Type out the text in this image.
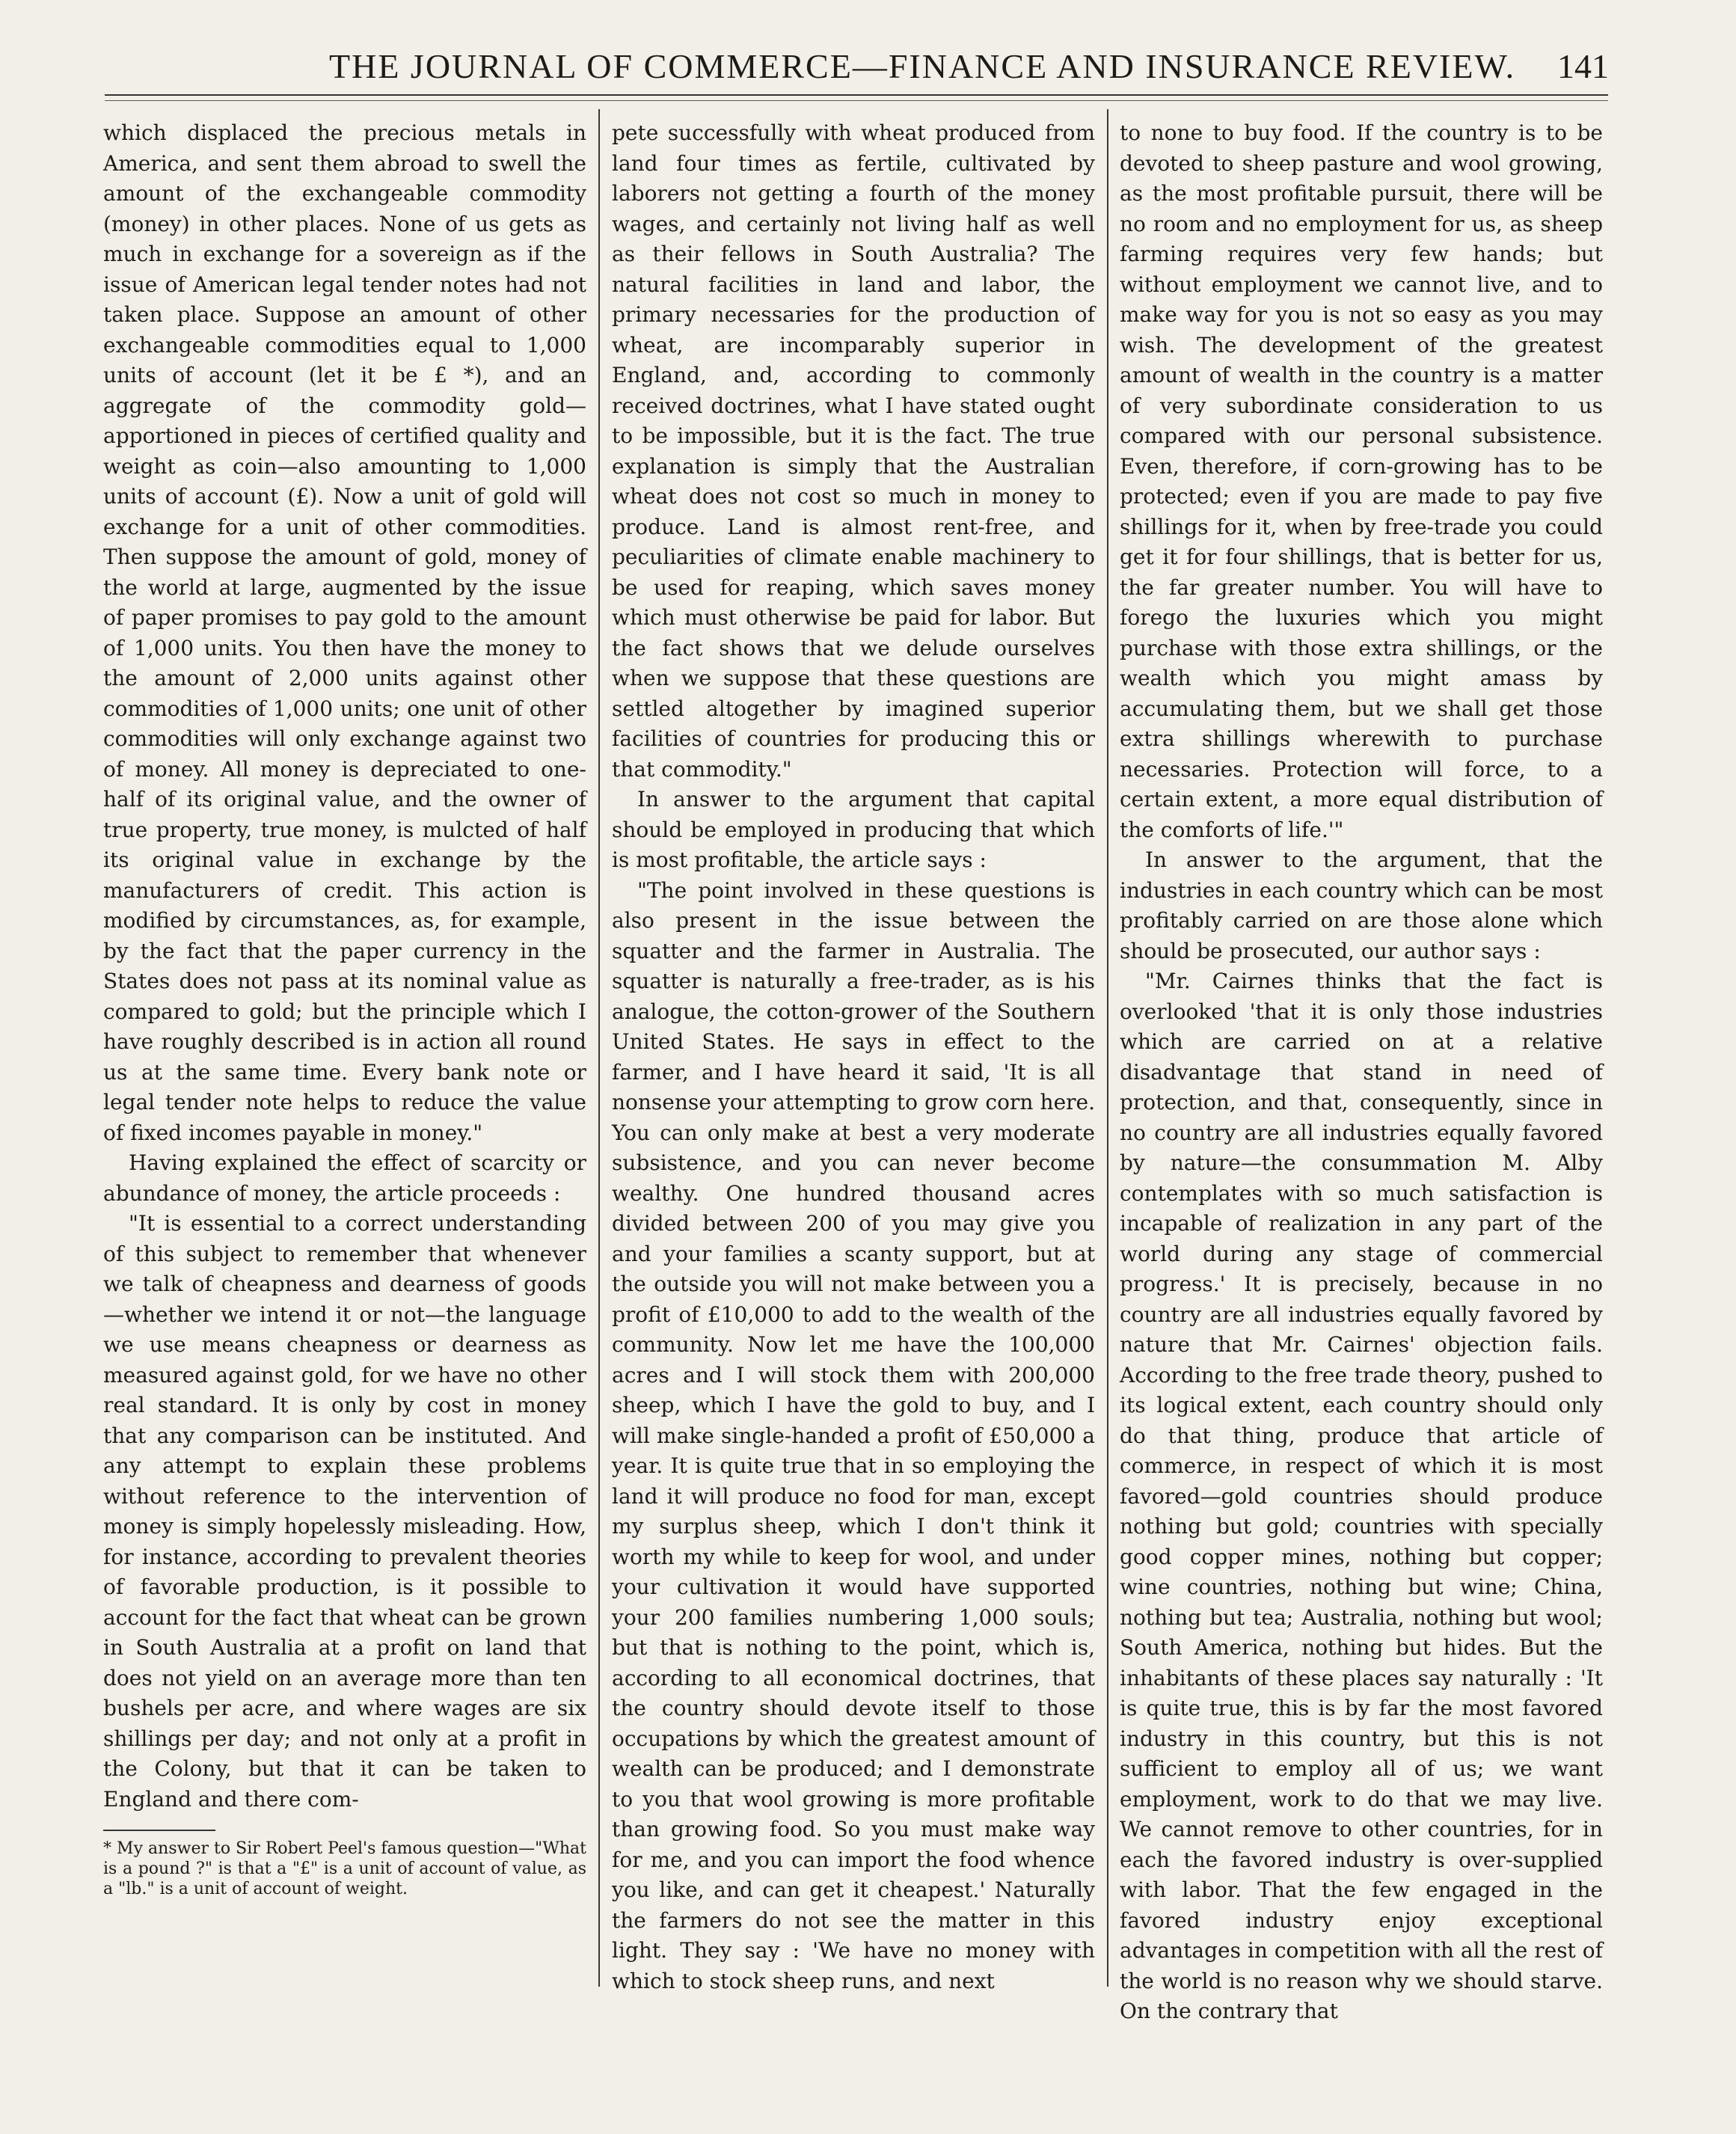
THE JOURNAL OF COMMERCE—FINANCE AND INSURANCE REVIEW. 141

which displaced the precious metals in America, and sent them abroad to swell the amount of the exchangeable commodity (money) in other places. None of us gets as much in exchange for a sovereign as if the issue of American legal tender notes had not taken place. Suppose an amount of other exchangeable commodities equal to 1,000 units of account (let it be £ *), and an aggregate of the commodity gold—apportioned in pieces of certified quality and weight as coin—also amounting to 1,000 units of account (£). Now a unit of gold will exchange for a unit of other commodities. Then suppose the amount of gold, money of the world at large, augmented by the issue of paper promises to pay gold to the amount of 1,000 units. You then have the money to the amount of 2,000 units against other commodities of 1,000 units; one unit of other commodities will only exchange against two of money. All money is depreciated to one-half of its original value, and the owner of true property, true money, is mulcted of half its original value in exchange by the manufacturers of credit. This action is modified by circumstances, as, for example, by the fact that the paper currency in the States does not pass at its nominal value as compared to gold; but the principle which I have roughly described is in action all round us at the same time. Every bank note or legal tender note helps to reduce the value of fixed incomes payable in money."

Having explained the effect of scarcity or abundance of money, the article proceeds :

"It is essential to a correct understanding of this subject to remember that whenever we talk of cheapness and dearness of goods—whether we intend it or not—the language we use means cheapness or dearness as measured against gold, for we have no other real standard. It is only by cost in money that any comparison can be instituted. And any attempt to explain these problems without reference to the intervention of money is simply hopelessly misleading. How, for instance, according to prevalent theories of favorable production, is it possible to account for the fact that wheat can be grown in South Australia at a profit on land that does not yield on an average more than ten bushels per acre, and where wages are six shillings per day; and not only at a profit in the Colony, but that it can be taken to England and there com-

* My answer to Sir Robert Peel's famous question—"What is a pound ?" is that a "£" is a unit of account of value, as a "lb." is a unit of account of weight.

pete successfully with wheat produced from land four times as fertile, cultivated by laborers not getting a fourth of the money wages, and certainly not living half as well as their fellows in South Australia? The natural facilities in land and labor, the primary necessaries for the production of wheat, are incomparably superior in England, and, according to commonly received doctrines, what I have stated ought to be impossible, but it is the fact. The true explanation is simply that the Australian wheat does not cost so much in money to produce. Land is almost rent-free, and peculiarities of climate enable machinery to be used for reaping, which saves money which must otherwise be paid for labor. But the fact shows that we delude ourselves when we suppose that these questions are settled altogether by imagined superior facilities of countries for producing this or that commodity."

In answer to the argument that capital should be employed in producing that which is most profitable, the article says :

"The point involved in these questions is also present in the issue between the squatter and the farmer in Australia. The squatter is naturally a free-trader, as is his analogue, the cotton-grower of the Southern United States. He says in effect to the farmer, and I have heard it said, 'It is all nonsense your attempting to grow corn here. You can only make at best a very moderate subsistence, and you can never become wealthy. One hundred thousand acres divided between 200 of you may give you and your families a scanty support, but at the outside you will not make between you a profit of £10,000 to add to the wealth of the community. Now let me have the 100,000 acres and I will stock them with 200,000 sheep, which I have the gold to buy, and I will make single-handed a profit of £50,000 a year. It is quite true that in so employing the land it will produce no food for man, except my surplus sheep, which I don't think it worth my while to keep for wool, and under your cultivation it would have supported your 200 families numbering 1,000 souls; but that is nothing to the point, which is, according to all economical doctrines, that the country should devote itself to those occupations by which the greatest amount of wealth can be produced; and I demonstrate to you that wool growing is more profitable than growing food. So you must make way for me, and you can import the food whence you like, and can get it cheapest.' Naturally the farmers do not see the matter in this light. They say : 'We have no money with which to stock sheep runs, and next

to none to buy food. If the country is to be devoted to sheep pasture and wool growing, as the most profitable pursuit, there will be no room and no employment for us, as sheep farming requires very few hands; but without employment we cannot live, and to make way for you is not so easy as you may wish. The development of the greatest amount of wealth in the country is a matter of very subordinate consideration to us compared with our personal subsistence. Even, therefore, if corn-growing has to be protected; even if you are made to pay five shillings for it, when by free-trade you could get it for four shillings, that is better for us, the far greater number. You will have to forego the luxuries which you might purchase with those extra shillings, or the wealth which you might amass by accumulating them, but we shall get those extra shillings wherewith to purchase necessaries. Protection will force, to a certain extent, a more equal distribution of the comforts of life.'"

In answer to the argument, that the industries in each country which can be most profitably carried on are those alone which should be prosecuted, our author says :

"Mr. Cairnes thinks that the fact is overlooked 'that it is only those industries which are carried on at a relative disadvantage that stand in need of protection, and that, consequently, since in no country are all industries equally favored by nature—the consummation M. Alby contemplates with so much satisfaction is incapable of realization in any part of the world during any stage of commercial progress.' It is precisely, because in no country are all industries equally favored by nature that Mr. Cairnes' objection fails. According to the free trade theory, pushed to its logical extent, each country should only do that thing, produce that article of commerce, in respect of which it is most favored—gold countries should produce nothing but gold; countries with specially good copper mines, nothing but copper; wine countries, nothing but wine; China, nothing but tea; Australia, nothing but wool; South America, nothing but hides. But the inhabitants of these places say naturally : 'It is quite true, this is by far the most favored industry in this country, but this is not sufficient to employ all of us; we want employment, work to do that we may live. We cannot remove to other countries, for in each the favored industry is over-supplied with labor. That the few engaged in the favored industry enjoy exceptional advantages in competition with all the rest of the world is no reason why we should starve. On the contrary that
